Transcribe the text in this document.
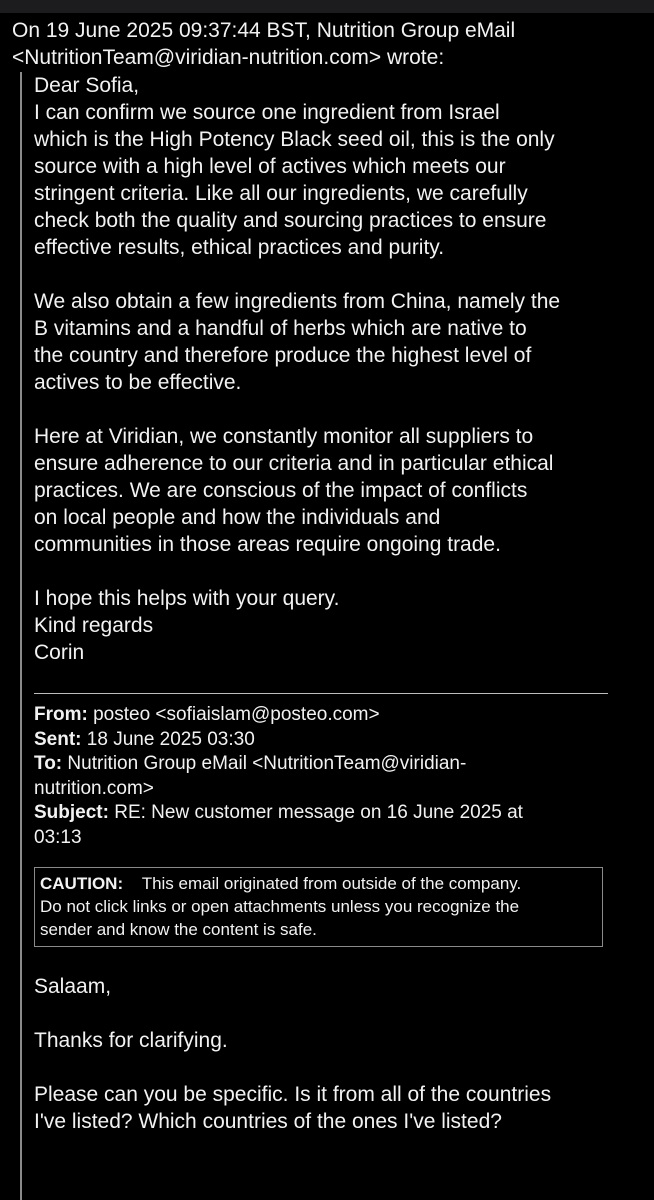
On 19 June 2025 09:37:44 BST, Nutrition Group eMail
<NutritionTeam@viridian-nutrition.com> wrote:

Dear Sofia,

I can confirm we source one ingredient from Israel
which is the High Potency Black seed oil, this is the only
source with a high level of actives which meets our
stringent criteria. Like all our ingredients, we carefully
check both the quality and sourcing practices to ensure
effective results, ethical practices and purity.

We also obtain a few ingredients from China, namely the
B vitamins and a handful of herbs which are native to
the country and therefore produce the highest level of
actives to be effective.

Here at Viridian, we constantly monitor all suppliers to
ensure adherence to our criteria and in particular ethical
practices. We are conscious of the impact of conflicts
on local people and how the individuals and
communities in those areas require ongoing trade.

I hope this helps with your query.
Kind regards
Corin

From: posteo <sofiaislam@posteo.com>
Sent: 18 June 2025 03:30
To: Nutrition Group eMail <NutritionTeam@viridian-
nutrition.com>
Subject: RE: New customer message on 16 June 2025 at
03:13
CAUTION:    This email originated from outside of the company.
Do not click links or open attachments unless you recognize the
sender and know the content is safe.

Salaam,

Thanks for clarifying.

Please can you be specific. Is it from all of the countries
I've listed? Which countries of the ones I've listed?
